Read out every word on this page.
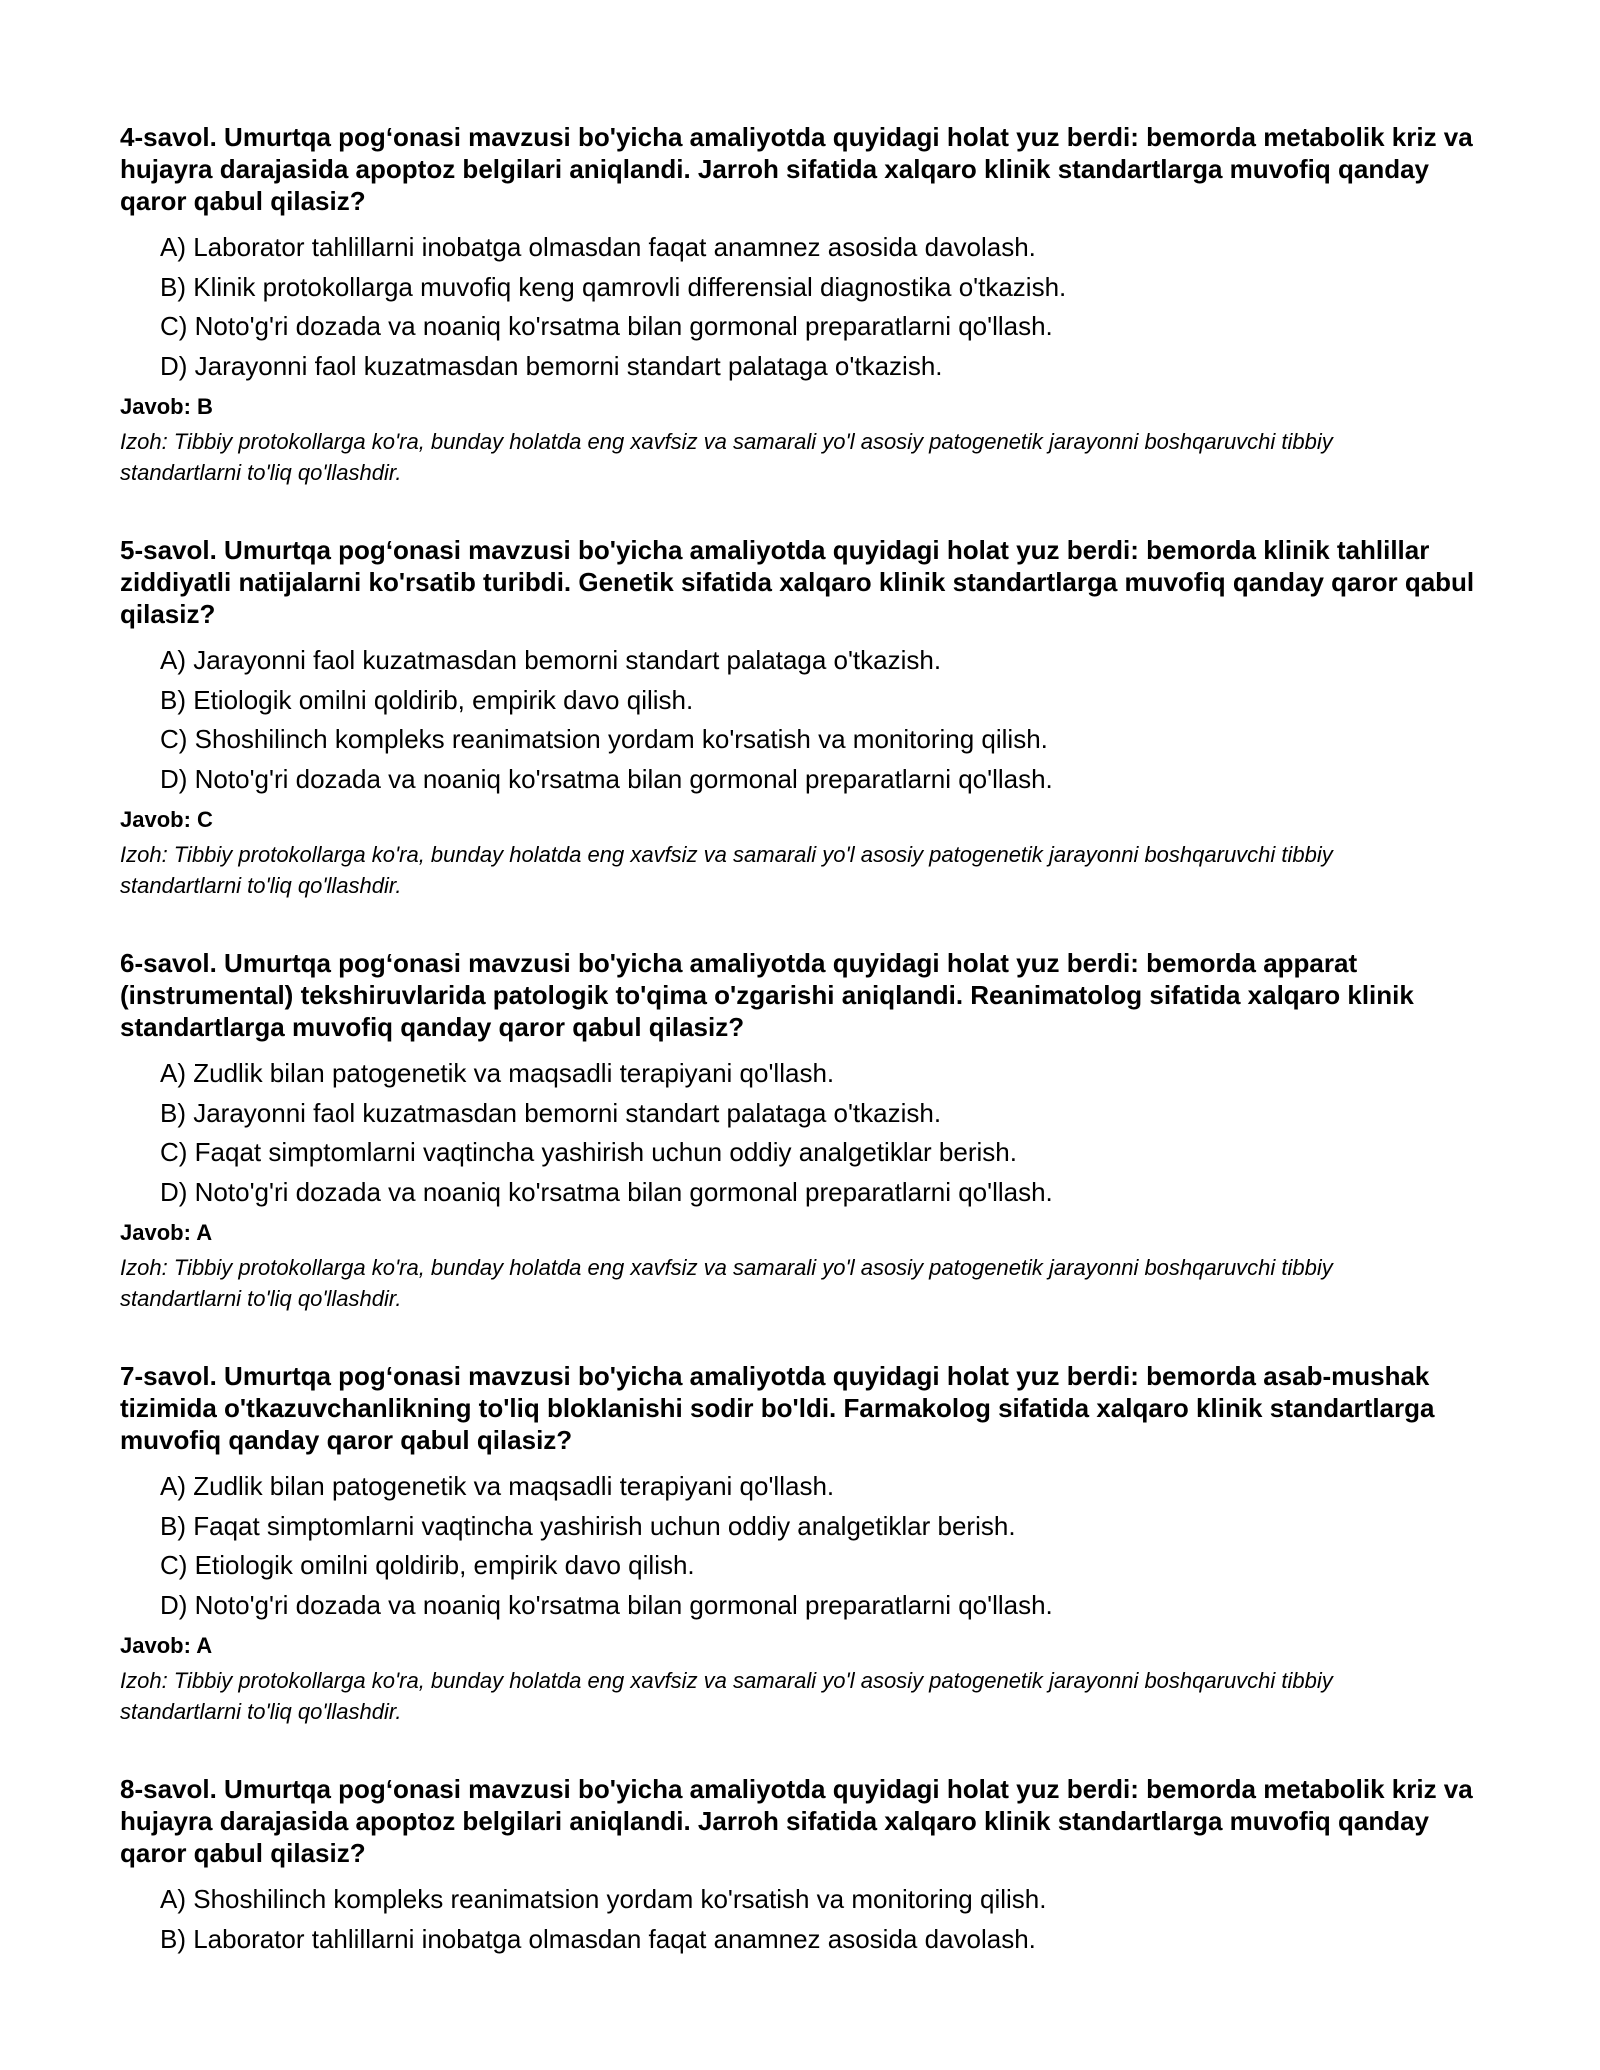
4-savol. Umurtqa pog‘onasi mavzusi bo'yicha amaliyotda quyidagi holat yuz berdi: bemorda metabolik kriz va hujayra darajasida apoptoz belgilari aniqlandi. Jarroh sifatida xalqaro klinik standartlarga muvofiq qanday qaror qabul qilasiz?
A) Laborator tahlillarni inobatga olmasdan faqat anamnez asosida davolash.
B) Klinik protokollarga muvofiq keng qamrovli differensial diagnostika o'tkazish.
C) Noto'g'ri dozada va noaniq ko'rsatma bilan gormonal preparatlarni qo'llash.
D) Jarayonni faol kuzatmasdan bemorni standart palataga o'tkazish.
Javob: B
Izoh: Tibbiy protokollarga ko'ra, bunday holatda eng xavfsiz va samarali yo'l asosiy patogenetik jarayonni boshqaruvchi tibbiy standartlarni to'liq qo'llashdir.
5-savol. Umurtqa pog‘onasi mavzusi bo'yicha amaliyotda quyidagi holat yuz berdi: bemorda klinik tahlillar ziddiyatli natijalarni ko'rsatib turibdi. Genetik sifatida xalqaro klinik standartlarga muvofiq qanday qaror qabul qilasiz?
A) Jarayonni faol kuzatmasdan bemorni standart palataga o'tkazish.
B) Etiologik omilni qoldirib, empirik davo qilish.
C) Shoshilinch kompleks reanimatsion yordam ko'rsatish va monitoring qilish.
D) Noto'g'ri dozada va noaniq ko'rsatma bilan gormonal preparatlarni qo'llash.
Javob: C
Izoh: Tibbiy protokollarga ko'ra, bunday holatda eng xavfsiz va samarali yo'l asosiy patogenetik jarayonni boshqaruvchi tibbiy standartlarni to'liq qo'llashdir.
6-savol. Umurtqa pog‘onasi mavzusi bo'yicha amaliyotda quyidagi holat yuz berdi: bemorda apparat (instrumental) tekshiruvlarida patologik to'qima o'zgarishi aniqlandi. Reanimatolog sifatida xalqaro klinik standartlarga muvofiq qanday qaror qabul qilasiz?
A) Zudlik bilan patogenetik va maqsadli terapiyani qo'llash.
B) Jarayonni faol kuzatmasdan bemorni standart palataga o'tkazish.
C) Faqat simptomlarni vaqtincha yashirish uchun oddiy analgetiklar berish.
D) Noto'g'ri dozada va noaniq ko'rsatma bilan gormonal preparatlarni qo'llash.
Javob: A
Izoh: Tibbiy protokollarga ko'ra, bunday holatda eng xavfsiz va samarali yo'l asosiy patogenetik jarayonni boshqaruvchi tibbiy standartlarni to'liq qo'llashdir.
7-savol. Umurtqa pog‘onasi mavzusi bo'yicha amaliyotda quyidagi holat yuz berdi: bemorda asab-mushak tizimida o'tkazuvchanlikning to'liq bloklanishi sodir bo'ldi. Farmakolog sifatida xalqaro klinik standartlarga muvofiq qanday qaror qabul qilasiz?
A) Zudlik bilan patogenetik va maqsadli terapiyani qo'llash.
B) Faqat simptomlarni vaqtincha yashirish uchun oddiy analgetiklar berish.
C) Etiologik omilni qoldirib, empirik davo qilish.
D) Noto'g'ri dozada va noaniq ko'rsatma bilan gormonal preparatlarni qo'llash.
Javob: A
Izoh: Tibbiy protokollarga ko'ra, bunday holatda eng xavfsiz va samarali yo'l asosiy patogenetik jarayonni boshqaruvchi tibbiy standartlarni to'liq qo'llashdir.
8-savol. Umurtqa pog‘onasi mavzusi bo'yicha amaliyotda quyidagi holat yuz berdi: bemorda metabolik kriz va hujayra darajasida apoptoz belgilari aniqlandi. Jarroh sifatida xalqaro klinik standartlarga muvofiq qanday qaror qabul qilasiz?
A) Shoshilinch kompleks reanimatsion yordam ko'rsatish va monitoring qilish.
B) Laborator tahlillarni inobatga olmasdan faqat anamnez asosida davolash.
